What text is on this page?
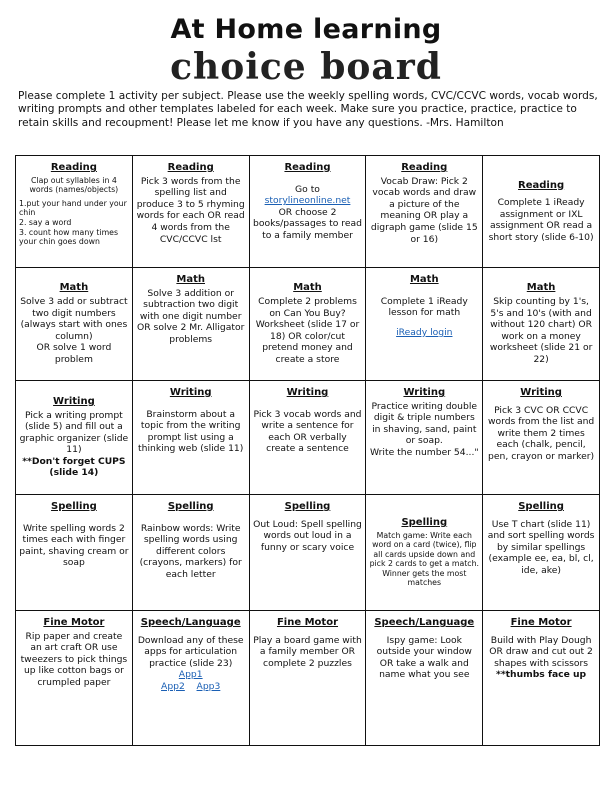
At Home learning
choice board
Please complete 1 activity per subject. Please use the weekly spelling words, CVC/CCVC words, vocab words, writing prompts and other templates labeled for each week. Make sure you practice, practice, practice to retain skills and recoupment! Please let me know if you have any questions. -Mrs. Hamilton
Reading
Clap out syllables in 4 words (names/objects)
1.put your hand under your chin
2. say a word
3. count how many times your chin goes down	Reading
Pick 3 words from the spelling list and produce 3 to 5 rhyming words for each OR read 4 words from the CVC/CCVC lst	Reading
Go to
storylineonline.net
OR choose 2 books/passages to read to a family member	Reading
Vocab Draw: Pick 2 vocab words and draw a picture of the meaning OR play a digraph game (slide 15 or 16)	Reading
Complete 1 iReady assignment or IXL assignment OR read a short story (slide 6-10)

Math
Solve 3 add or subtract two digit numbers (always start with ones column)
OR solve 1 word problem	Math
Solve 3 addition or subtraction two digit with one digit number OR solve 2 Mr. Alligator problems	Math
Complete 2 problems on Can You Buy? Worksheet (slide 17 or 18) OR color/cut pretend money and create a store	Math
Complete 1 iReady lesson for math
iReady login	Math
Skip counting by 1's, 5's and 10's (with and without 120 chart) OR work on a money worksheet (slide 21 or 22)

Writing
Pick a writing prompt (slide 5) and fill out a graphic organizer (slide 11)
**Don't forget CUPS (slide 14)	Writing
Brainstorm about a topic from the writing prompt list using a thinking web (slide 11)	Writing
Pick 3 vocab words and write a sentence for each OR verbally create a sentence	Writing
Practice writing double digit & triple numbers in shaving, sand, paint or soap.
Write the number 54..."	Writing
Pick 3 CVC OR CCVC words from the list and write them 2 times each (chalk, pencil, pen, crayon or marker)

Spelling
Write spelling words 2 times each with finger paint, shaving cream or soap	Spelling
Rainbow words: Write spelling words using different colors (crayons, markers) for each letter	Spelling
Out Loud: Spell spelling words out loud in a funny or scary voice	Spelling
Match game: Write each word on a card (twice), flip all cards upside down and pick 2 cards to get a match. Winner gets the most matches	Spelling
Use T chart (slide 11) and sort spelling words by similar spellings (example ee, ea, bl, cl, ide, ake)

Fine Motor
Rip paper and create an art craft OR use tweezers to pick things up like cotton bags or crumpled paper	Speech/Language
Download any of these apps for articulation practice (slide 23)
App1
App2 App3	Fine Motor
Play a board game with a family member OR complete 2 puzzles	Speech/Language
Ispy game: Look outside your window OR take a walk and name what you see	Fine Motor
Build with Play Dough OR draw and cut out 2 shapes with scissors
**thumbs face up
